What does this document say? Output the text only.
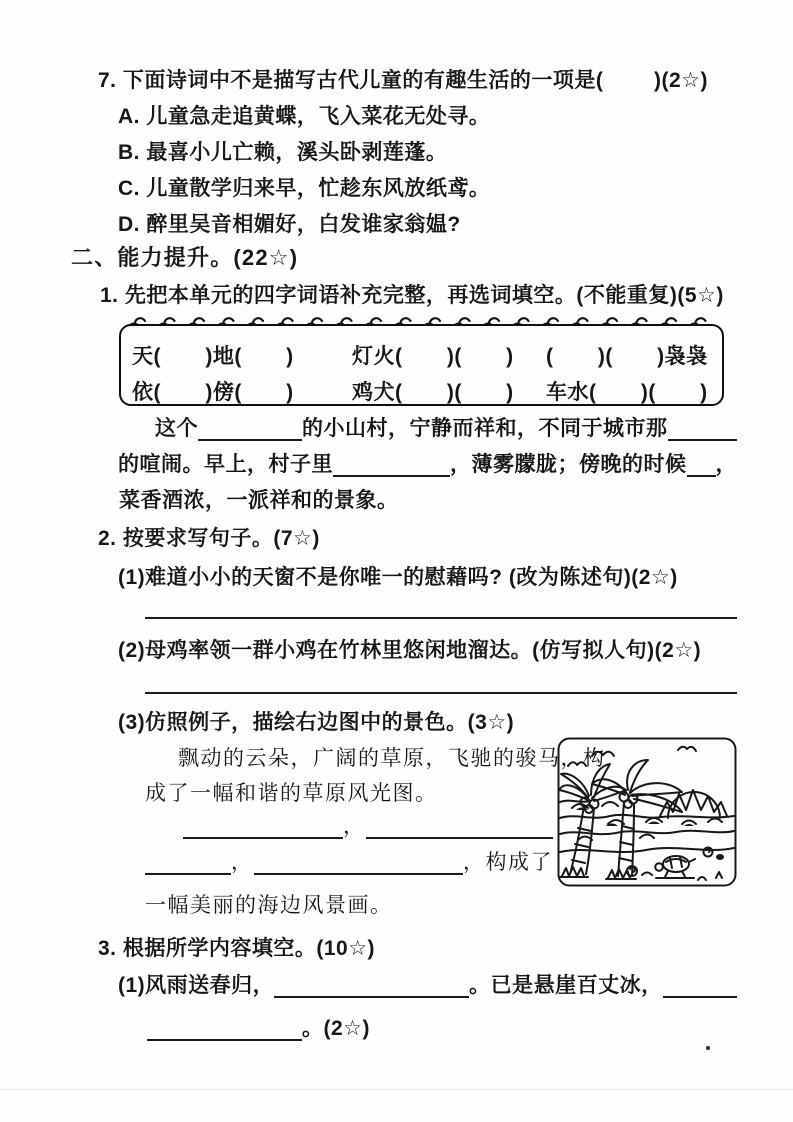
7. 下面诗词中不是描写古代儿童的有趣生活的一项是(        )(2☆)
A. 儿童急走追黄蝶，飞入菜花无处寻。
B. 最喜小儿亡赖，溪头卧剥莲蓬。
C. 儿童散学归来早，忙趁东风放纸鸢。
D. 醉里吴音相媚好，白发谁家翁媪?
二、能力提升。(22☆)
1. 先把本单元的四字词语补充完整，再选词填空。(不能重复)(5☆)
天(       )地(       )	灯火(       )(       ) (       )(       )袅袅
依(       )傍(       )	鸡犬(       )(       ) 车水(       )(       )
这个	的小山村，宁静而祥和，不同于城市那
的喧闹。早上，村子里	，薄雾朦胧；傍晚的时候 ，
菜香酒浓，一派祥和的景象。
2. 按要求写句子。(7☆)
(1)难道小小的天窗不是你唯一的慰藉吗? (改为陈述句)(2☆)
(2)母鸡率领一群小鸡在竹林里悠闲地溜达。(仿写拟人句)(2☆)
(3)仿照例子，描绘右边图中的景色。(3☆)
飘动的云朵，广阔的草原，飞驰的骏马，构
成了一幅和谐的草原风光图。
，
，	，构成了
一幅美丽的海边风景画。
3. 根据所学内容填空。(10☆)
(1)风雨送春归，	。已是悬崖百丈冰，
。(2☆)
